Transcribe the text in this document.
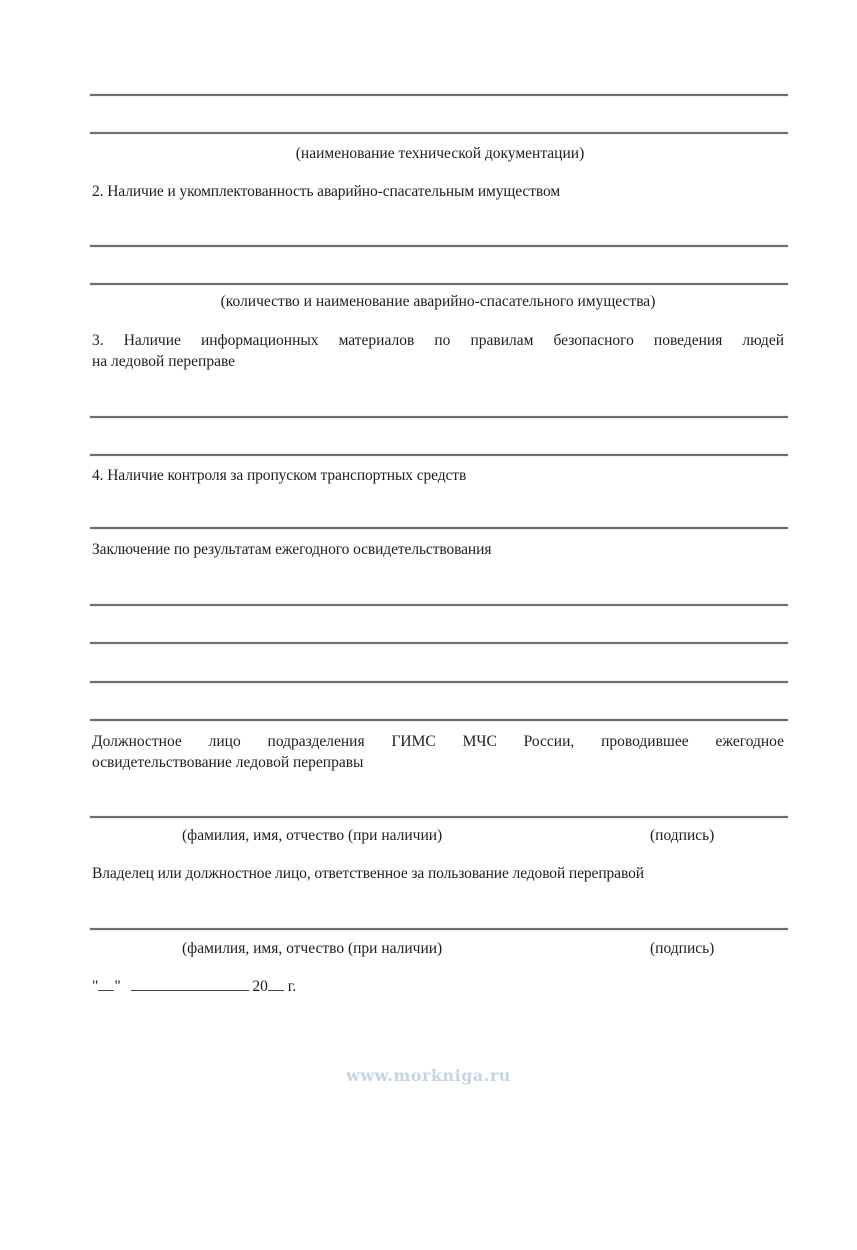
(наименование технической документации)
2. Наличие и укомплектованность аварийно-спасательным имуществом
(количество и наименование аварийно-спасательного имущества)
3. Наличие информационных материалов по правилам безопасного поведения людей
на ледовой переправе
4. Наличие контроля за пропуском транспортных средств
Заключение по результатам ежегодного освидетельствования
Должностное лицо подразделения ГИМС МЧС России, проводившее ежегодное
освидетельствование ледовой переправы
(фамилия, имя, отчество (при наличии)	(подпись)
Владелец или должностное лицо, ответственное за пользование ледовой переправой
(фамилия, имя, отчество (при наличии)	(подпись)
" "	20 г.
www.morkniga.ru
